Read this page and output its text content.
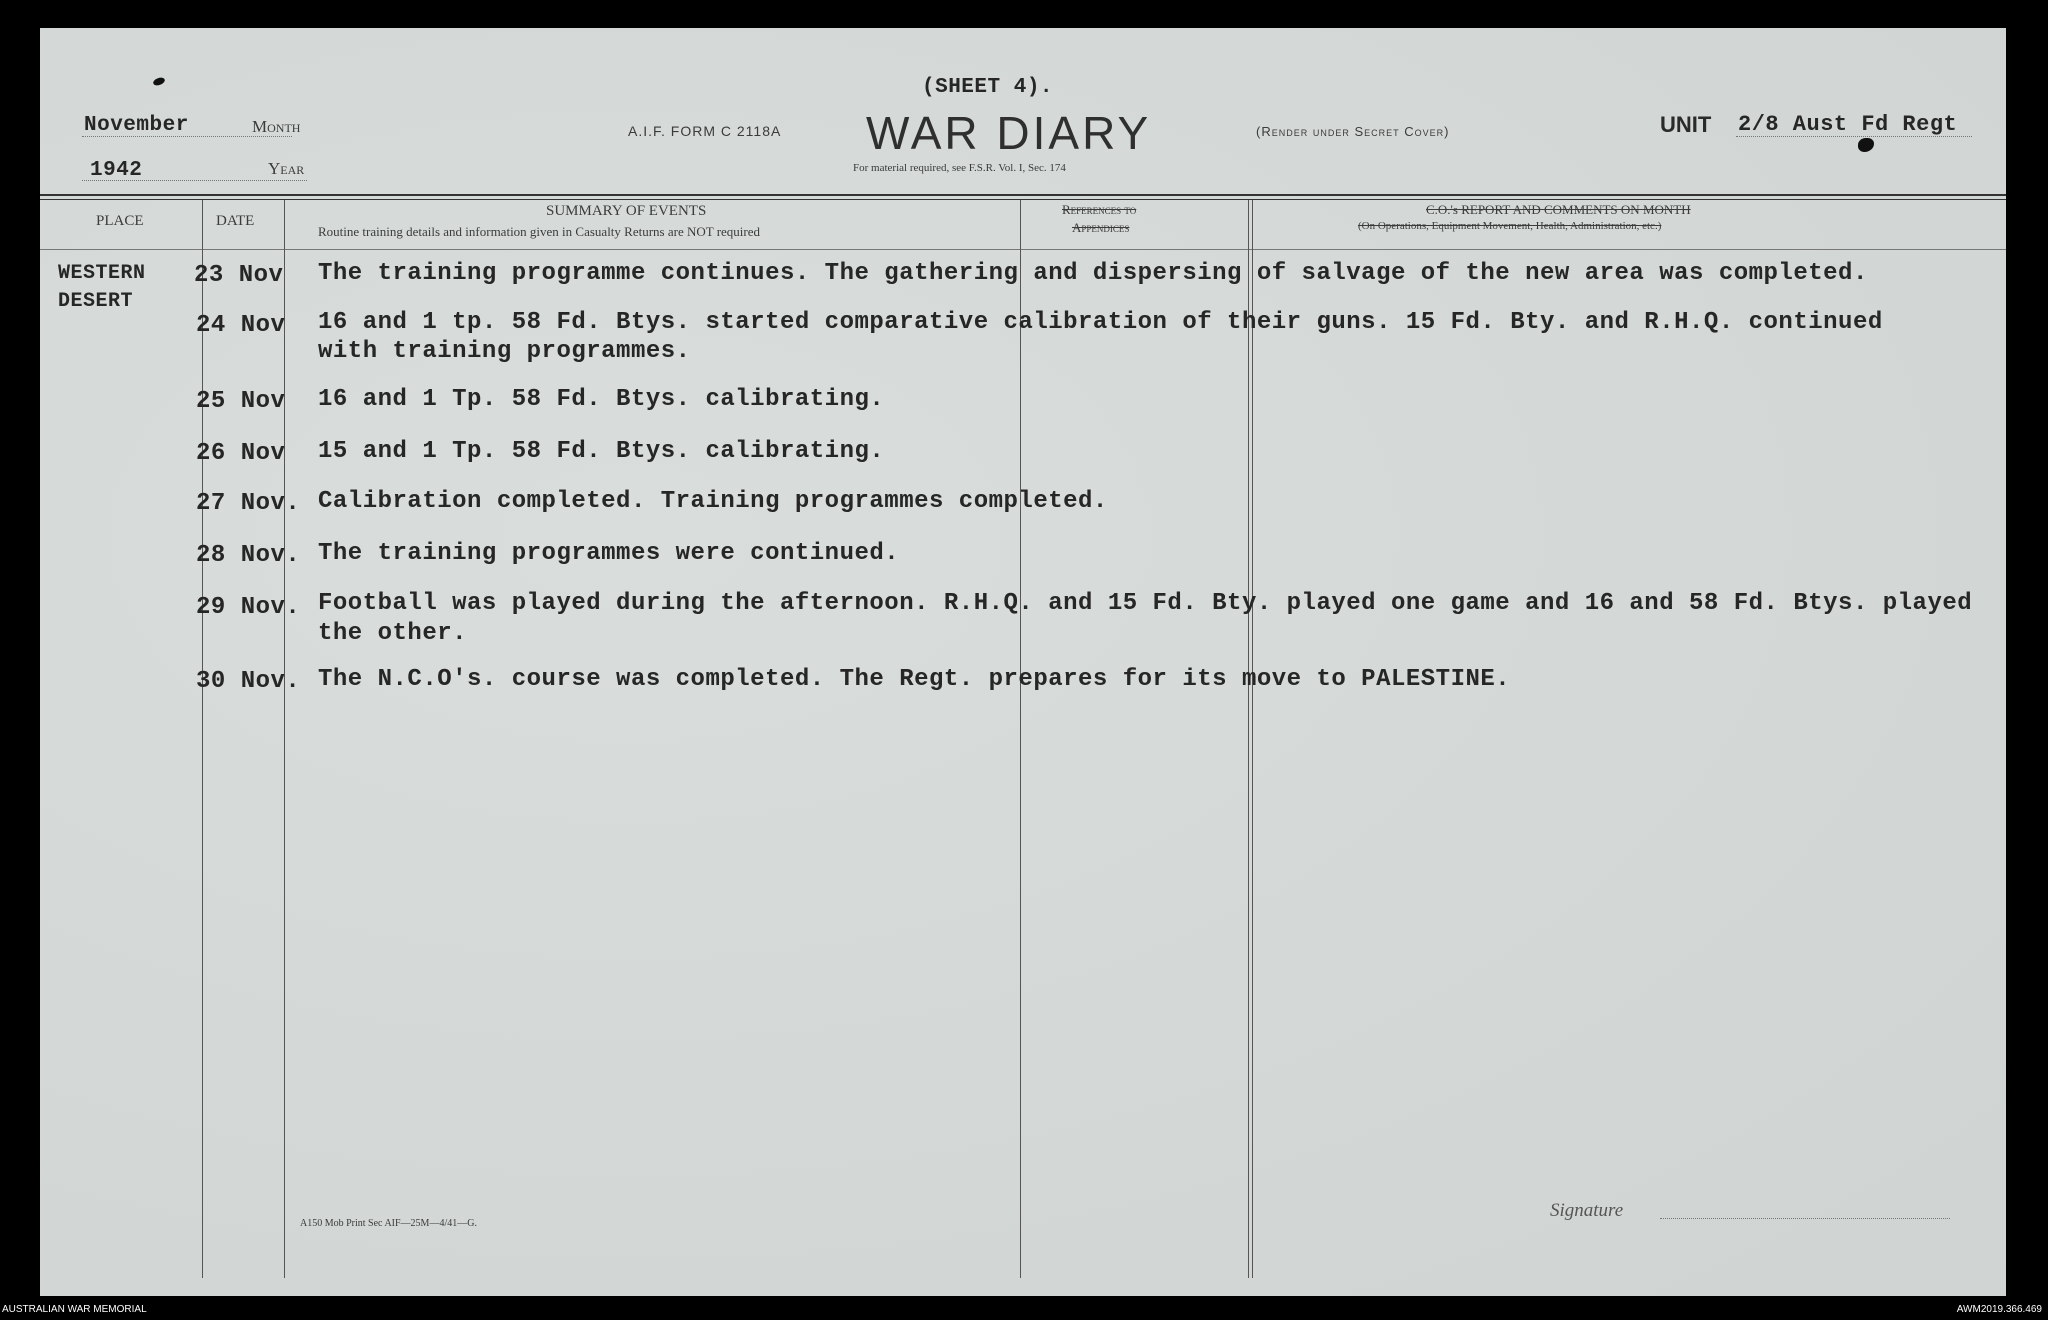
(SHEET 4).
November	Month
1942	Year
A.I.F. FORM C 2118A WAR DIARY
For material required, see F.S.R. Vol. I, Sec. 174
(Render under Secret Cover)	UNIT 2/8 Aust Fd Regt
PLACE	DATE
SUMMARY OF EVENTS
Routine training details and information given in Casualty Returns are NOT required
References to
Appendices
C.O.'s REPORT AND COMMENTS ON MONTH
(On Operations, Equipment Movement, Health, Administration, etc.)
WESTERN
DESERT
23 Nov The training programme continues. The gathering and dispersing of salvage of the new area was completed.
24 Nov 16 and 1 tp. 58 Fd. Btys. started comparative calibration of their guns. 15 Fd. Bty. and R.H.Q. continued
with training programmes.
25 Nov 16 and 1 Tp. 58 Fd. Btys. calibrating.
26 Nov 15 and 1 Tp. 58 Fd. Btys. calibrating.
27 Nov. Calibration completed. Training programmes completed.
28 Nov. The training programmes were continued.
29 Nov. Football was played during the afternoon. R.H.Q. and 15 Fd. Bty. played one game and 16 and 58 Fd. Btys. played
the other.
30 Nov. The N.C.O's. course was completed. The Regt. prepares for its move to PALESTINE.
A150 Mob Print Sec AIF—25M—4/41—G.
Signature
AUSTRALIAN WAR MEMORIAL	AWM2019.366.469
